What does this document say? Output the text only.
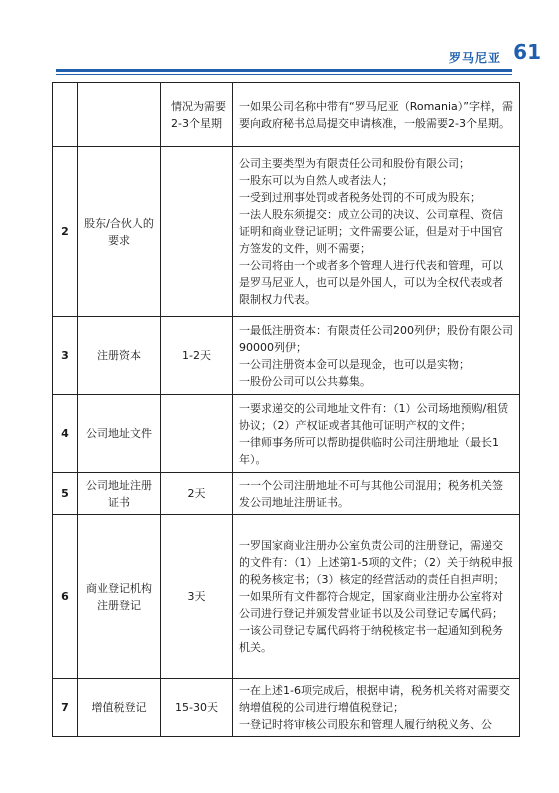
罗马尼亚 61
		情况为需要2-3个星期	一如果公司名称中带有“罗马尼亚（Romania）”字样，需要向政府秘书总局提交申请核准，一般需要2-3个星期。

2	股东/合伙人的要求		公司主要类型为有限责任公司和股份有限公司；
一股东可以为自然人或者法人；
一受到过刑事处罚或者税务处罚的不可成为股东；
一法人股东须提交：成立公司的决议、公司章程、资信证明和商业登记证明；文件需要公证，但是对于中国官方签发的文件，则不需要；
一公司将由一个或者多个管理人进行代表和管理，可以是罗马尼亚人，也可以是外国人，可以为全权代表或者限制权力代表。

3	注册资本	1-2天	一最低注册资本：有限责任公司200列伊；股份有限公司90000列伊；
一公司注册资本金可以是现金，也可以是实物；
一股份公司可以公共募集。

4	公司地址文件		一要求递交的公司地址文件有：（1）公司场地预购/租赁协议；（2）产权证或者其他可证明产权的文件；
一律师事务所可以帮助提供临时公司注册地址（最长1年）。

5	公司地址注册证书	2天	一一个公司注册地址不可与其他公司混用；税务机关签发公司地址注册证书。

6	商业登记机构注册登记	3天	一罗国家商业注册办公室负责公司的注册登记，需递交的文件有：（1）上述第1-5项的文件；（2）关于纳税申报的税务核定书；（3）核定的经营活动的责任自担声明；
一如果所有文件都符合规定，国家商业注册办公室将对公司进行登记并颁发营业证书以及公司登记专属代码；
一该公司登记专属代码将于纳税核定书一起通知到税务机关。

7	增值税登记	15-30天	一在上述1-6项完成后，根据申请，税务机关将对需要交纳增值税的公司进行增值税登记；
一登记时将审核公司股东和管理人履行纳税义务、公
